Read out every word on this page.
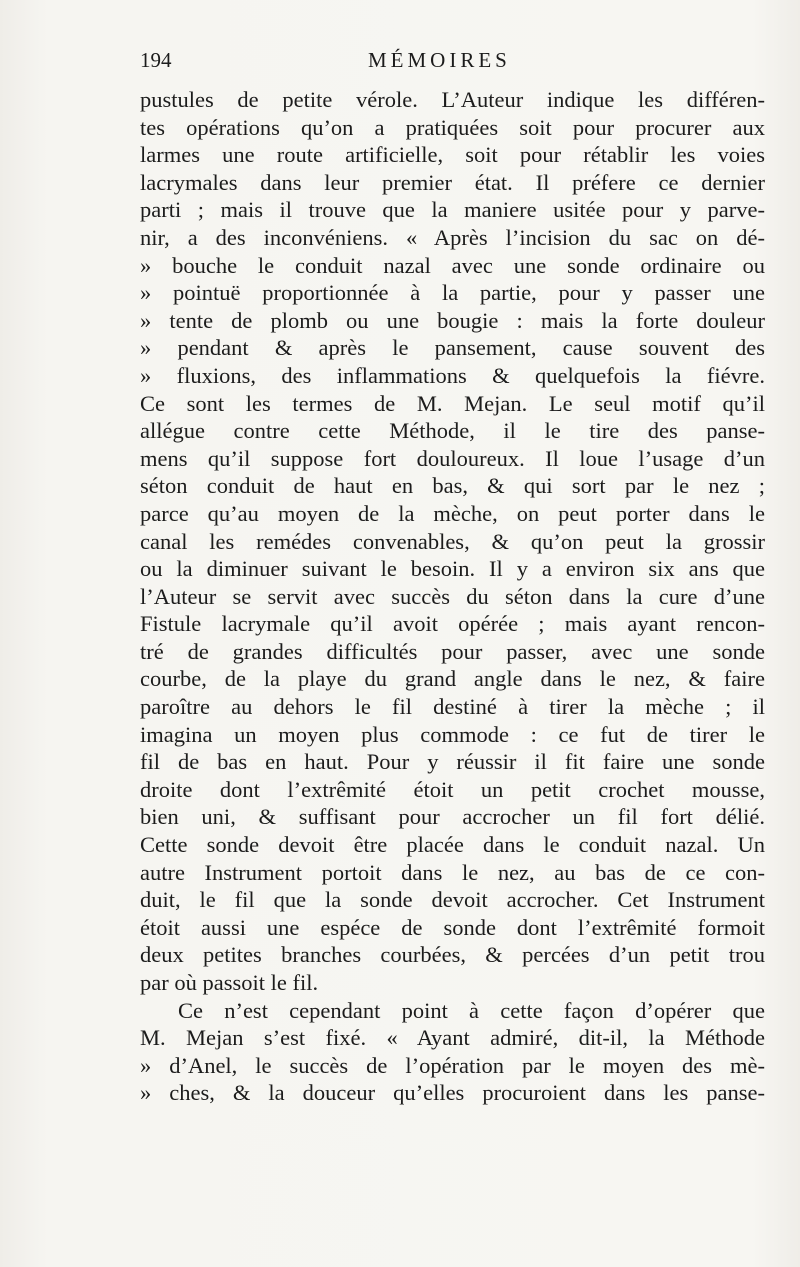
194	MÉMOIRES
pustules de petite vérole. L’Auteur indique les différen-
tes opérations qu’on a pratiquées soit pour procurer aux
larmes une route artificielle, soit pour rétablir les voies
lacrymales dans leur premier état. Il préfere ce dernier
parti ; mais il trouve que la maniere usitée pour y parve-
nir, a des inconvéniens. « Après l’incision du sac on dé-
» bouche le conduit nazal avec une sonde ordinaire ou
» pointuë proportionnée à la partie, pour y passer une
» tente de plomb ou une bougie : mais la forte douleur
» pendant & après le pansement, cause souvent des
» fluxions, des inflammations & quelquefois la fiévre.
Ce sont les termes de M. Mejan. Le seul motif qu’il
allégue contre cette Méthode, il le tire des panse-
mens qu’il suppose fort douloureux. Il loue l’usage d’un
séton conduit de haut en bas, & qui sort par le nez ;
parce qu’au moyen de la mèche, on peut porter dans le
canal les remédes convenables, & qu’on peut la grossir
ou la diminuer suivant le besoin. Il y a environ six ans que
l’Auteur se servit avec succès du séton dans la cure d’une
Fistule lacrymale qu’il avoit opérée ; mais ayant rencon-
tré de grandes difficultés pour passer, avec une sonde
courbe, de la playe du grand angle dans le nez, & faire
paroître au dehors le fil destiné à tirer la mèche ; il
imagina un moyen plus commode : ce fut de tirer le
fil de bas en haut. Pour y réussir il fit faire une sonde
droite dont l’extrêmité étoit un petit crochet mousse,
bien uni, & suffisant pour accrocher un fil fort délié.
Cette sonde devoit être placée dans le conduit nazal. Un
autre Instrument portoit dans le nez, au bas de ce con-
duit, le fil que la sonde devoit accrocher. Cet Instrument
étoit aussi une espéce de sonde dont l’extrêmité formoit
deux petites branches courbées, & percées d’un petit trou
par où passoit le fil.
Ce n’est cependant point à cette façon d’opérer que
M. Mejan s’est fixé. « Ayant admiré, dit-il, la Méthode
» d’Anel, le succès de l’opération par le moyen des mè-
» ches, & la douceur qu’elles procuroient dans les panse-
